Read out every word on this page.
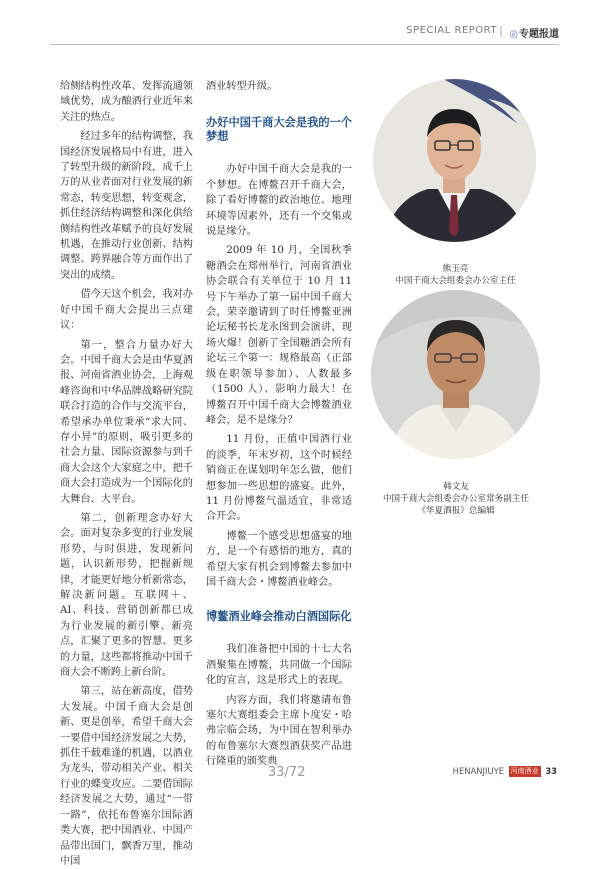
SPECIAL REPORT | ◎专题报道

给侧结构性改革、发挥流通领域优势，成为酿酒行业近年来关注的热点。

经过多年的结构调整，我国经济发展格局中有进，进入了转型升级的新阶段，成千上万的从业者面对行业发展的新常态，转变思想，转变观念，抓住经济结构调整和深化供给侧结构性改革赋予的良好发展机遇，在推动行业创新、结构调整、跨界融合等方面作出了突出的成绩。

借今天这个机会，我对办好中国千商大会提出三点建议：

第一，整合力量办好大会。中国千商大会是由华夏酒报、河南省酒业协会，上海观峰咨询和中华品牌战略研究院联合打造的合作与交流平台，希望承办单位秉承“求大同、存小异”的原则，吸引更多的社会力量、国际资源参与到千商大会这个大家庭之中，把千商大会打造成为一个国际化的大舞台、大平台。

第二，创新理念办好大会。面对复杂多变的行业发展形势，与时俱进，发现新问题，认识新形势，把握新规律，才能更好地分析新常态，解决新问题。互联网＋、AI、科技、营销创新都已成为行业发展的新引擎、新亮点，汇聚了更多的智慧、更多的力量，这些都将推动中国千商大会不断跨上新台阶。

第三，站在新高度，借势大发展。中国千商大会是创新、更是创举，希望千商大会一要借中国经济发展之大势，抓住千载难逢的机遇，以酒业为龙头，带动相关产业、相关行业的蝶变攻应。二要借国际经济发展之大势，通过“一带一路”，依托布鲁塞尔国际酒类大赛，把中国酒业、中国产品带出国门，飘香万里，推动中国

酒业转型升级。

办好中国千商大会是我的一个梦想

办好中国千商大会是我的一个梦想。在博鳌召开千商大会，除了看好博鳌的政治地位、地理环境等因素外，还有一个交集或说是缘分。

2009 年 10 月，全国秋季糖酒会在郑州举行，河南省酒业协会联合有关单位于 10 月 11 号下午举办了第一届中国千商大会，荣幸邀请到了时任博鳌亚洲论坛秘书长龙永图到会演讲，现场火爆！创新了全国糖酒会所有论坛三个第一：规格最高（正部级在职领导参加）、人数最多（1500 人）、影响力最大！在博鳌召开中国千商大会博鳌酒业峰会，是不是缘分？

11 月份，正值中国酒行业的淡季，年末岁初，这个时候经销商正在谋划明年怎么做，他们想参加一些思想的盛宴。此外，11 月份博鳌气温适宜，非常适合开会。

博鳌一个感受思想盛宴的地方，是一个有感悟的地方，真的希望大家有机会到博鳌去参加中国千商大会・博鳌酒业峰会。

博鳌酒业峰会推动白酒国际化

我们准备把中国的十七大名酒聚集在博鳌，共同做一个国际化的宣言，这是形式上的表现。

内容方面，我们将邀请布鲁塞尔大赛组委会主席卜度安・哈弗宗临会场，为中国在智利举办的布鲁塞尔大赛烈酒获奖产品进行隆重的颁奖典

熊玉亮
中国千商大会组委会办公室主任
韩文友
中国千商大会组委会办公室常务副主任
《华夏酒报》总编辑
33/72	HENANJIUYE 河南酒业 33
